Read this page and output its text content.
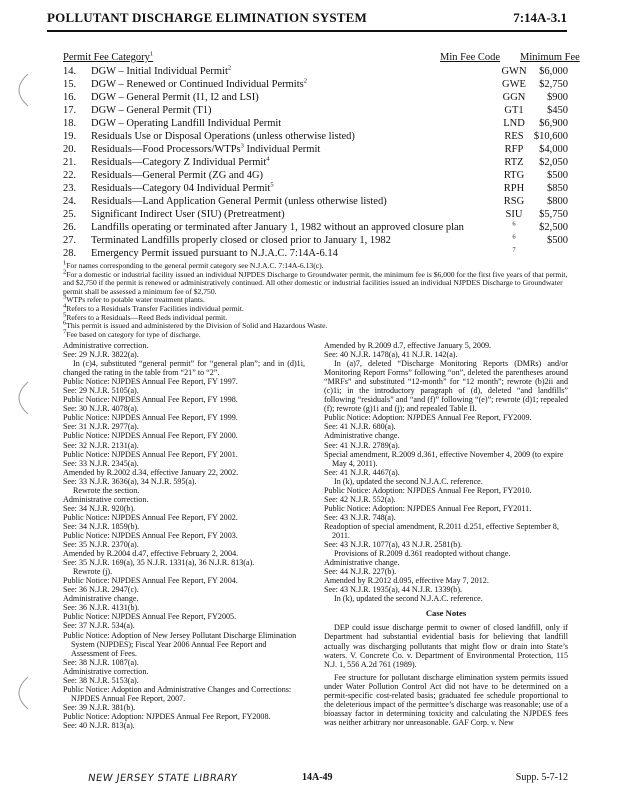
POLLUTANT DISCHARGE ELIMINATION SYSTEM	7:14A-3.1
Permit Fee Category$^1$	Min Fee Code Minimum Fee
14. DGW – Initial Individual Permit$^2$	GWN	$6,000
15. DGW – Renewed or Continued Individual Permits$^2$	GWE	$2,750
16. DGW – General Permit (I1, I2 and LSI)	GGN	$900
17. DGW – General Permit (T1)	GT1	$450
18. DGW – Operating Landfill Individual Permit	LND	$6,900
19. Residuals Use or Disposal Operations (unless otherwise listed)	RES $10,600
20. Residuals—Food Processors/WTPs$^3$ Individual Permit	RFP	$4,000
21. Residuals—Category Z Individual Permit$^4$	RTZ	$2,050
22. Residuals—General Permit (ZG and 4G)	RTG	$500
23. Residuals—Category 04 Individual Permit$^5$	RPH	$850
24. Residuals—Land Application General Permit (unless otherwise listed)	RSG	$800
25. Significant Indirect User (SIU) (Pretreatment)	SIU	$5,750
26. Landfills operating or terminated after January 1, 1982 without an approved closure plan	$^6$	$2,500
27. Terminated Landfills properly closed or closed prior to January 1, 1982	$^6$	$500
28. Emergency Permit issued pursuant to N.J.A.C. 7:14A-6.14	$^7$
$^1$For names corresponding to the general permit category see N.J.A.C. 7:14A-6.13(c).
$^2$For a domestic or industrial facility issued an individual NJPDES Discharge to Groundwater permit, the minimum fee is $6,000 for the first five years of that permit, and $2,750 if the permit is renewed or administratively continued. All other domestic or industrial facilities issued an individual NJPDES Discharge to Groundwater permit shall be assessed a minimum fee of $2,750.
$^3$WTPs refer to potable water treatment plants.
$^4$Refers to a Residuals Transfer Facilities individual permit.
$^5$Refers to a Residuals—Reed Beds individual permit.
$^6$This permit is issued and administered by the Division of Solid and Hazardous Waste.
$^7$Fee based on category for type of discharge.
Administrative correction.
See: 29 N.J.R. 3822(a).
In (c)4, substituted “general permit” for “general plan”; and in (d)1i, changed the rating in the table from “21” to “2”.
Public Notice: NJPDES Annual Fee Report, FY 1997.
See: 29 N.J.R. 5105(a).
Public Notice: NJPDES Annual Fee Report, FY 1998.
See: 30 N.J.R. 4078(a).
Public Notice: NJPDES Annual Fee Report, FY 1999.
See: 31 N.J.R. 2977(a).
Public Notice: NJPDES Annual Fee Report, FY 2000.
See: 32 N.J.R. 2131(a).
Public Notice: NJPDES Annual Fee Report, FY 2001.
See: 33 N.J.R. 2345(a).
Amended by R.2002 d.34, effective January 22, 2002.
See: 33 N.J.R. 3636(a), 34 N.J.R. 595(a).
Rewrote the section.
Administrative correction.
See: 34 N.J.R. 920(b).
Public Notice: NJPDES Annual Fee Report, FY 2002.
See: 34 N.J.R. 1859(b).
Public Notice: NJPDES Annual Fee Report, FY 2003.
See: 35 N.J.R. 2370(a).
Amended by R.2004 d.47, effective February 2, 2004.
See: 35 N.J.R. 169(a), 35 N.J.R. 1331(a), 36 N.J.R. 813(a).
Rewrote (j).
Public Notice: NJPDES Annual Fee Report, FY 2004.
See: 36 N.J.R. 2947(c).
Administrative change.
See: 36 N.J.R. 4131(b).
Public Notice: NJPDES Annual Fee Report, FY2005.
See: 37 N.J.R. 534(a).
Public Notice: Adoption of New Jersey Pollutant Discharge Elimination System (NJPDES); Fiscal Year 2006 Annual Fee Report and Assessment of Fees.
See: 38 N.J.R. 1087(a).
Administrative correction.
See: 38 N.J.R. 5153(a).
Public Notice: Adoption and Administrative Changes and Corrections: NJPDES Annual Fee Report, 2007.
See: 39 N.J.R. 381(b).
Public Notice: Adoption: NJPDES Annual Fee Report, FY2008.
See: 40 N.J.R. 813(a).
Amended by R.2009 d.7, effective January 5, 2009.
See: 40 N.J.R. 1478(a), 41 N.J.R. 142(a).
In (a)7, deleted “Discharge Monitoring Reports (DMRs) and/or Monitoring Report Forms” following “on”, deleted the parentheses around “MRFs” and substituted “12-month” for “12 month”; rewrote (b)2ii and (c)1i; in the introductory paragraph of (d), deleted “and landfills” following “residuals” and “and (f)” following “(e)”; rewrote (d)1; repealed (f); rewrote (g)1i and (j); and repealed Table II.
Public Notice: Adoption: NJPDES Annual Fee Report, FY2009.
See: 41 N.J.R. 680(a).
Administrative change.
See: 41 N.J.R. 2789(a).
Special amendment, R.2009 d.361, effective November 4, 2009 (to expire May 4, 2011).
See: 41 N.J.R. 4467(a).
In (k), updated the second N.J.A.C. reference.
Public Notice: Adoption: NJPDES Annual Fee Report, FY2010.
See: 42 N.J.R. 552(a).
Public Notice: Adoption: NJPDES Annual Fee Report, FY2011.
See: 43 N.J.R. 748(a).
Readoption of special amendment, R.2011 d.251, effective September 8, 2011.
See: 43 N.J.R. 1077(a), 43 N.J.R. 2581(b).
Provisions of R.2009 d.361 readopted without change.
Administrative change.
See: 44 N.J.R. 227(b).
Amended by R.2012 d.095, effective May 7, 2012.
See: 43 N.J.R. 1935(a), 44 N.J.R. 1339(b).
In (k), updated the second N.J.A.C. reference.
Case Notes
DEP could issue discharge permit to owner of closed landfill, only if Department had substantial evidential basis for believing that landfill actually was discharging pollutants that might flow or drain into State’s waters. V. Concrete Co. v. Department of Environmental Protection, 115 N.J. 1, 556 A.2d 761 (1989).
Fee structure for pollutant discharge elimination system permits issued under Water Pollution Control Act did not have to be determined on a permit-specific cost-related basis; graduated fee schedule proportional to the deleterious impact of the permittee’s discharge was reasonable; use of a bioassay factor in determining toxicity and calculating the NJPDES fees was neither arbitrary nor unreasonable. GAF Corp. v. New
NEW JERSEY STATE LIBRARY	14A-49	Supp. 5-7-12
